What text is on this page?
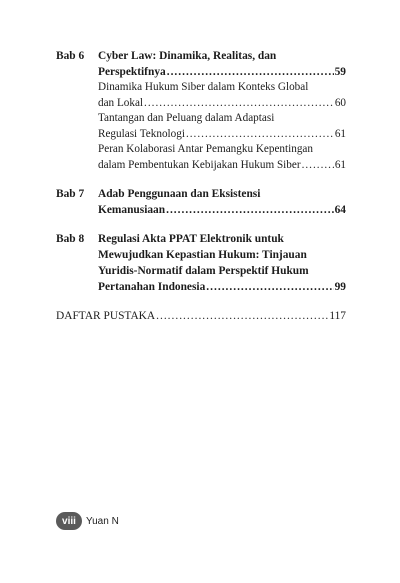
Bab 6	Cyber Law: Dinamika, Realitas, dan
Perspektifnya .....	59
Dinamika Hukum Siber dalam Konteks Global
dan Lokal .....	60
Tantangan dan Peluang dalam Adaptasi
Regulasi Teknologi .....	61
Peran Kolaborasi Antar Pemangku Kepentingan
dalam Pembentukan Kebijakan Hukum Siber .....	61
Bab 7	Adab Penggunaan dan Eksistensi
Kemanusiaan .....	64
Bab 8	Regulasi Akta PPAT Elektronik untuk
Mewujudkan Kepastian Hukum: Tinjauan
Yuridis-Normatif dalam Perspektif Hukum
Pertanahan Indonesia .....	99
DAFTAR PUSTAKA .....	117
viii	Yuan N
